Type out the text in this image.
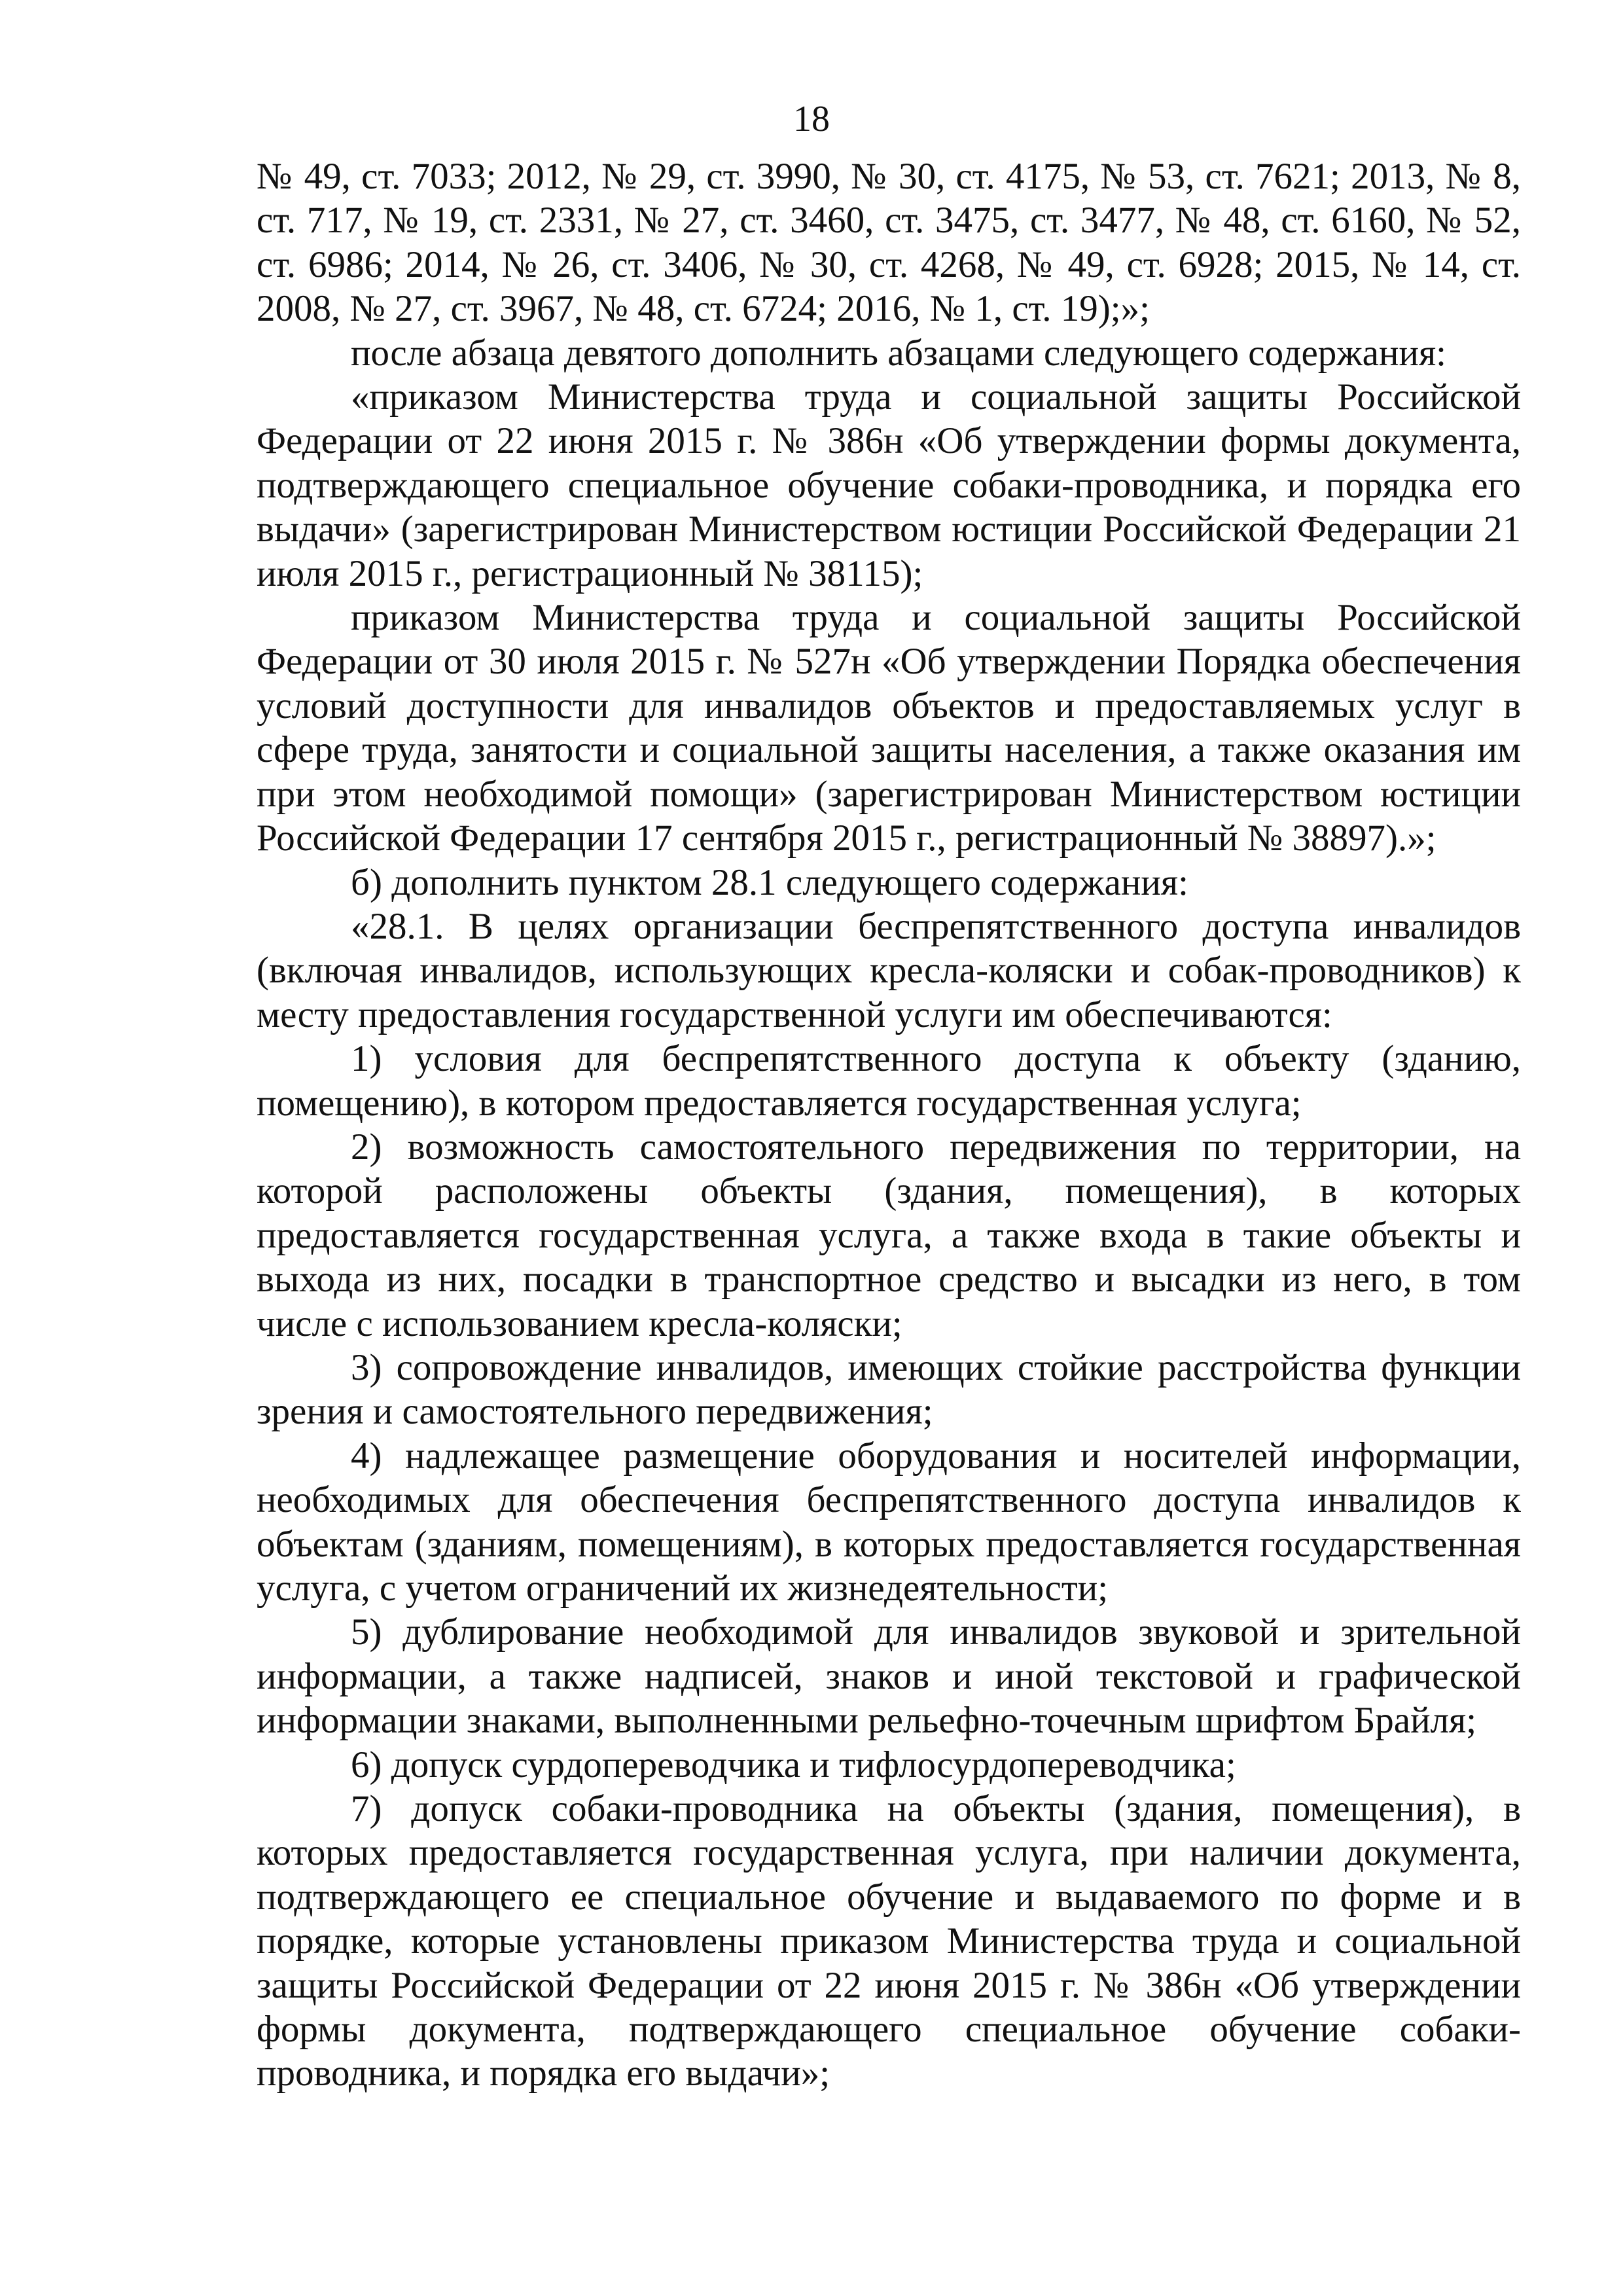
18

№ 49, ст. 7033; 2012, № 29, ст. 3990, № 30, ст. 4175, № 53, ст. 7621; 2013, № 8, ст. 717, № 19, ст. 2331, № 27, ст. 3460, ст. 3475, ст. 3477, № 48, ст. 6160, № 52, ст. 6986; 2014, № 26, ст. 3406, № 30, ст. 4268, № 49, ст. 6928; 2015, № 14, ст. 2008, № 27, ст. 3967, № 48, ст. 6724; 2016, № 1, ст. 19);»;

после абзаца девятого дополнить абзацами следующего содержания:

«приказом Министерства труда и социальной защиты Российской Федерации от 22 июня 2015 г. № 386н «Об утверждении формы документа, подтверждающего специальное обучение собаки-проводника, и порядка его выдачи» (зарегистрирован Министерством юстиции Российской Федерации 21 июля 2015 г., регистрационный № 38115);

приказом Министерства труда и социальной защиты Российской Федерации от 30 июля 2015 г. № 527н «Об утверждении Порядка обеспечения условий доступности для инвалидов объектов и предоставляемых услуг в сфере труда, занятости и социальной защиты населения, а также оказания им при этом необходимой помощи» (зарегистрирован Министерством юстиции Российской Федерации 17 сентября 2015 г., регистрационный № 38897).»;

б) дополнить пунктом 28.1 следующего содержания:

«28.1. В целях организации беспрепятственного доступа инвалидов (включая инвалидов, использующих кресла-коляски и собак-проводников) к месту предоставления государственной услуги им обеспечиваются:

1) условия для беспрепятственного доступа к объекту (зданию, помещению), в котором предоставляется государственная услуга;

2) возможность самостоятельного передвижения по территории, на которой расположены объекты (здания, помещения), в которых предоставляется государственная услуга, а также входа в такие объекты и выхода из них, посадки в транспортное средство и высадки из него, в том числе с использованием кресла-коляски;

3) сопровождение инвалидов, имеющих стойкие расстройства функции зрения и самостоятельного передвижения;

4) надлежащее размещение оборудования и носителей информации, необходимых для обеспечения беспрепятственного доступа инвалидов к объектам (зданиям, помещениям), в которых предоставляется государственная услуга, с учетом ограничений их жизнедеятельности;

5) дублирование необходимой для инвалидов звуковой и зрительной информации, а также надписей, знаков и иной текстовой и графической информации знаками, выполненными рельефно-точечным шрифтом Брайля;

6) допуск сурдопереводчика и тифлосурдопереводчика;

7) допуск собаки-проводника на объекты (здания, помещения), в которых предоставляется государственная услуга, при наличии документа, подтверждающего ее специальное обучение и выдаваемого по форме и в порядке, которые установлены приказом Министерства труда и социальной защиты Российской Федерации от 22 июня 2015 г. № 386н «Об утверждении формы документа, подтверждающего специальное обучение собаки-проводника, и порядка его выдачи»;
